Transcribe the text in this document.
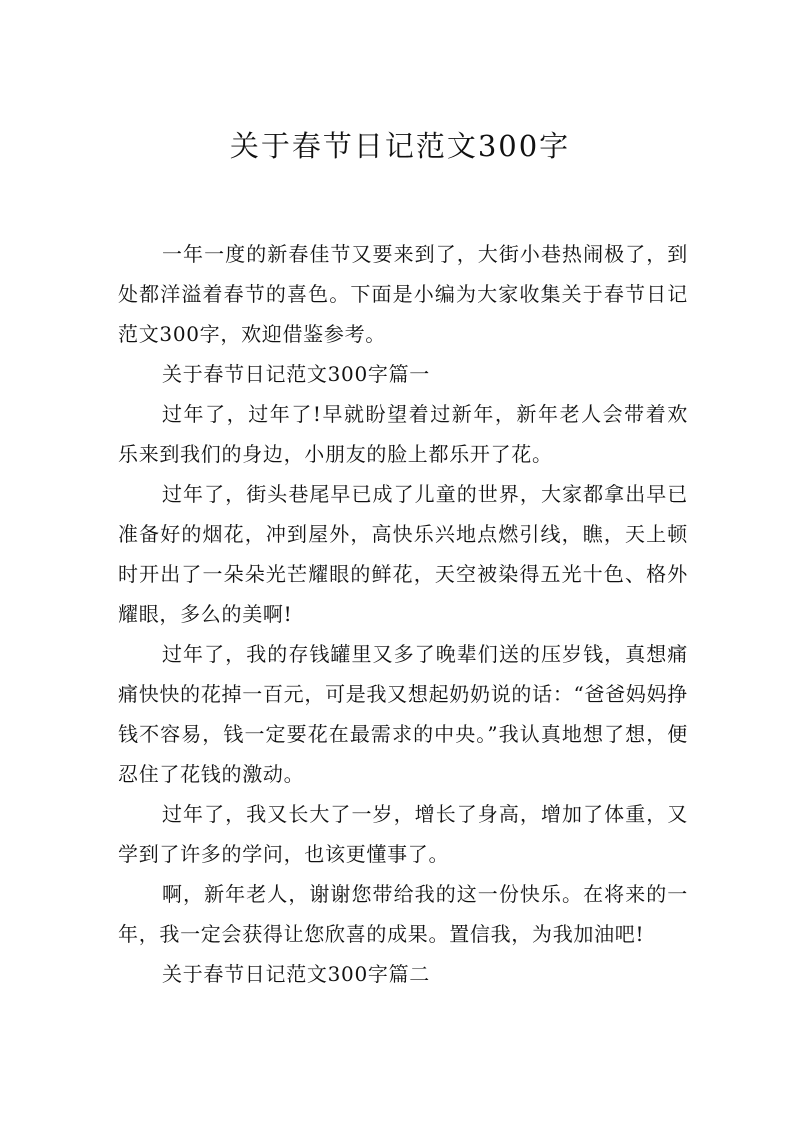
关于春节日记范文300字

一年一度的新春佳节又要来到了，大街小巷热闹极了，到处都洋溢着春节的喜色。下面是小编为大家收集关于春节日记范文300字，欢迎借鉴参考。

关于春节日记范文300字篇一

过年了，过年了!早就盼望着过新年，新年老人会带着欢乐来到我们的身边，小朋友的脸上都乐开了花。

过年了，街头巷尾早已成了儿童的世界，大家都拿出早已准备好的烟花，冲到屋外，高快乐兴地点燃引线，瞧，天上顿时开出了一朵朵光芒耀眼的鲜花，天空被染得五光十色、格外耀眼，多么的美啊!

过年了，我的存钱罐里又多了晚辈们送的压岁钱，真想痛痛快快的花掉一百元，可是我又想起奶奶说的话：“爸爸妈妈挣钱不容易，钱一定要花在最需求的中央。”我认真地想了想，便忍住了花钱的激动。

过年了，我又长大了一岁，增长了身高，增加了体重，又学到了许多的学问，也该更懂事了。

啊，新年老人，谢谢您带给我的这一份快乐。在将来的一年，我一定会获得让您欣喜的成果。置信我，为我加油吧!

关于春节日记范文300字篇二
